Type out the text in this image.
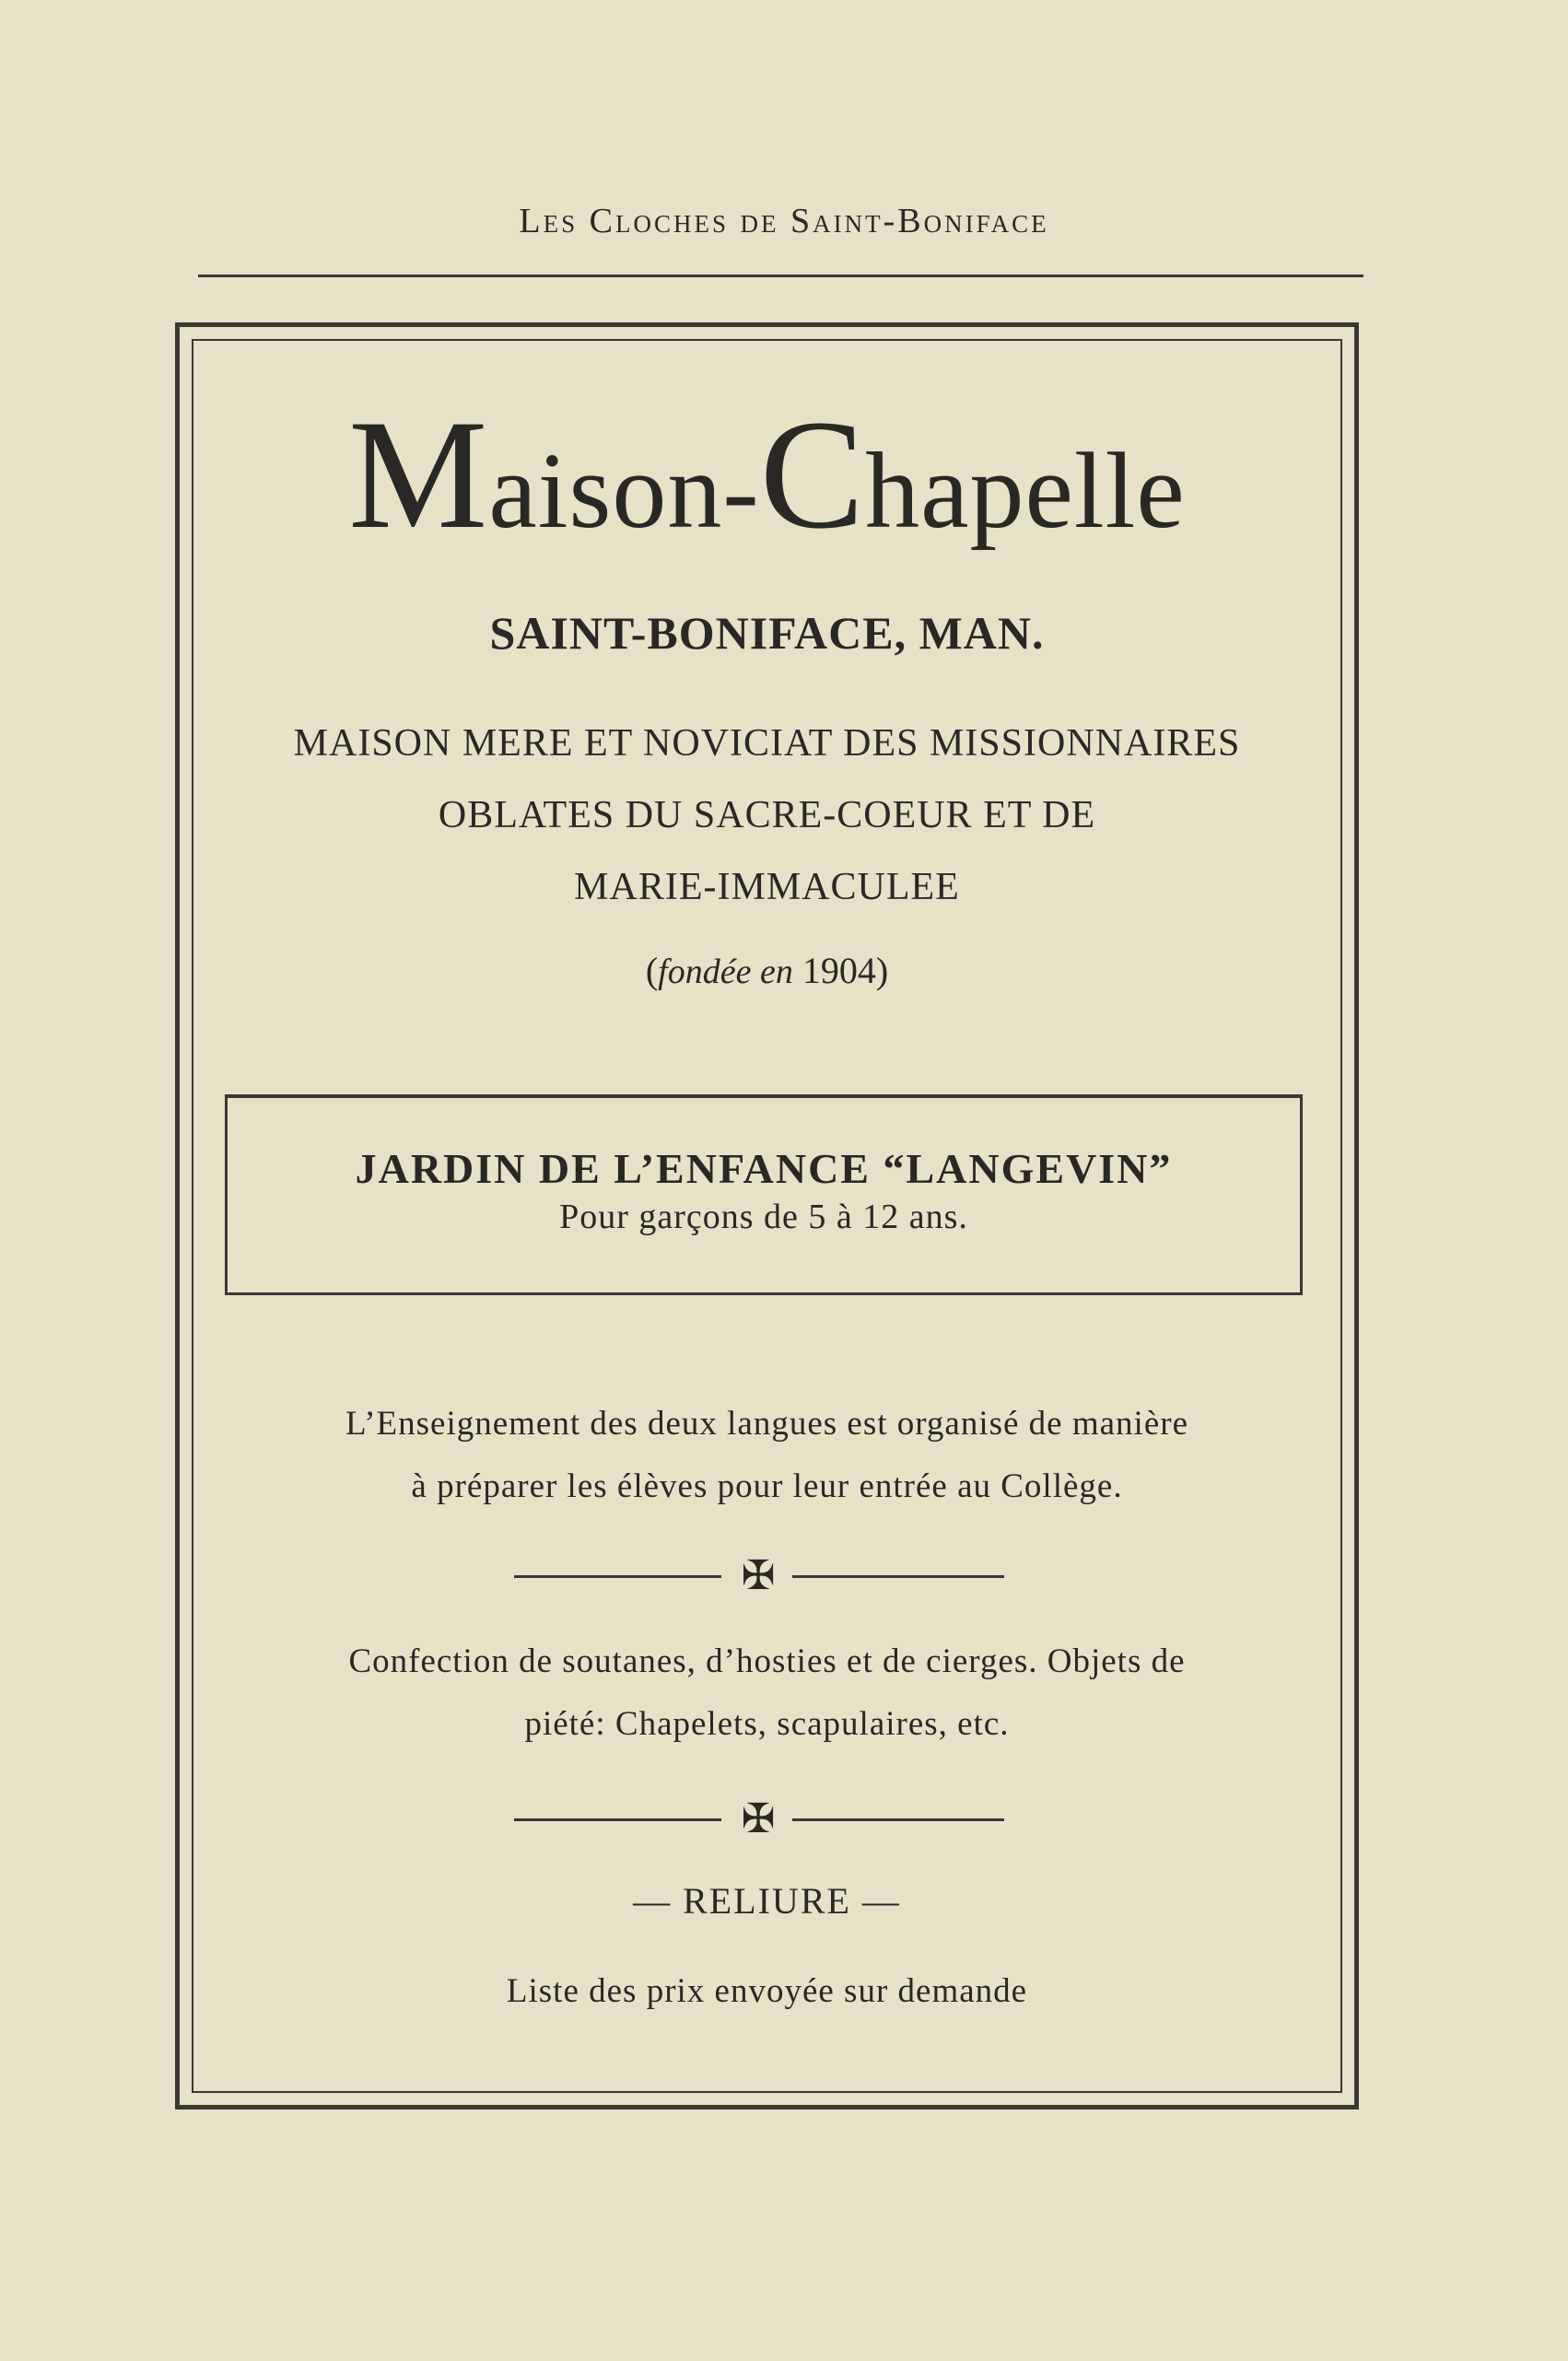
Les Cloches de Saint-Boniface
Maison-Chapelle
SAINT-BONIFACE, MAN.
MAISON MERE ET NOVICIAT DES MISSIONNAIRES
OBLATES DU SACRE-COEUR ET DE
MARIE-IMMACULEE
(fondée en 1904)
JARDIN DE L’ENFANCE “LANGEVIN”
Pour garçons de 5 à 12 ans.
L’Enseignement des deux langues est organisé de manière
à préparer les élèves pour leur entrée au Collège.
✠
Confection de soutanes, d’hosties et de cierges. Objets de
piété: Chapelets, scapulaires, etc.
✠
— RELIURE —
Liste des prix envoyée sur demande
